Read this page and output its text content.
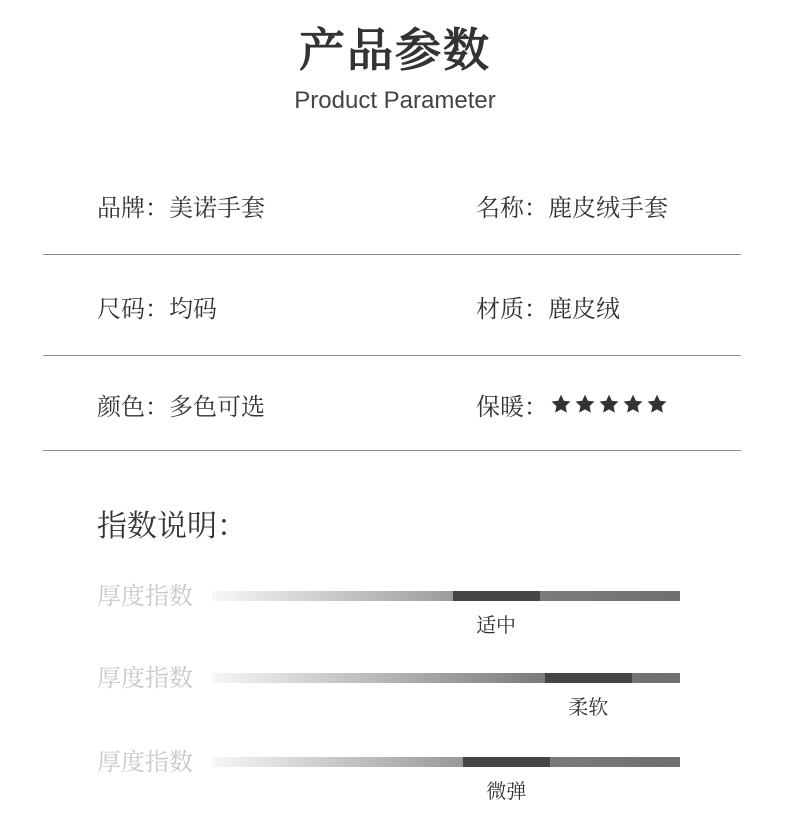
产品参数
Product Parameter
品牌：美诺手套	名称：鹿皮绒手套
尺码：均码	材质：鹿皮绒
颜色：多色可选	保暖：
指数说明：
厚度指数
适中
厚度指数
柔软
厚度指数
微弹
